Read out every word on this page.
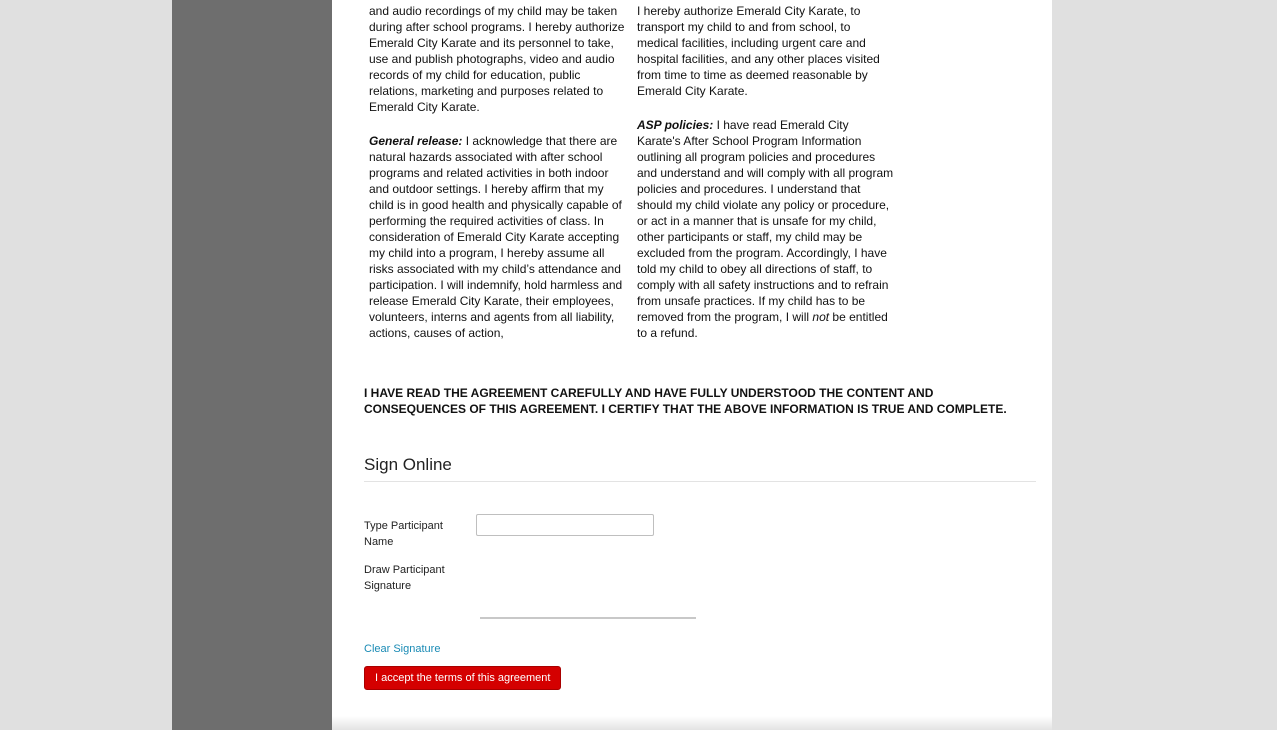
and audio recordings of my child may be taken during after school programs. I hereby authorize Emerald City Karate and its personnel to take, use and publish photographs, video and audio records of my child for education, public relations, marketing and purposes related to Emerald City Karate.

General release: I acknowledge that there are natural hazards associated with after school programs and related activities in both indoor and outdoor settings. I hereby affirm that my child is in good health and physically capable of performing the required activities of class. In consideration of Emerald City Karate accepting my child into a program, I hereby assume all risks associated with my child’s attendance and participation. I will indemnify, hold harmless and release Emerald City Karate, their employees, volunteers, interns and agents from all liability, actions, causes of action,

I hereby authorize Emerald City Karate, to transport my child to and from school, to medical facilities, including urgent care and hospital facilities, and any other places visited from time to time as deemed reasonable by Emerald City Karate.

ASP policies: I have read Emerald City Karate's After School Program Information outlining all program policies and procedures and understand and will comply with all program policies and procedures. I understand that should my child violate any policy or procedure, or act in a manner that is unsafe for my child, other participants or staff, my child may be excluded from the program. Accordingly, I have told my child to obey all directions of staff, to comply with all safety instructions and to refrain from unsafe practices. If my child has to be removed from the program, I will not be entitled to a refund.

I HAVE READ THE AGREEMENT CAREFULLY AND HAVE FULLY UNDERSTOOD THE CONTENT AND CONSEQUENCES OF THIS AGREEMENT. I CERTIFY THAT THE ABOVE INFORMATION IS TRUE AND COMPLETE.
Sign Online
Type Participant Name
Draw Participant Signature
Clear Signature
I accept the terms of this agreement
